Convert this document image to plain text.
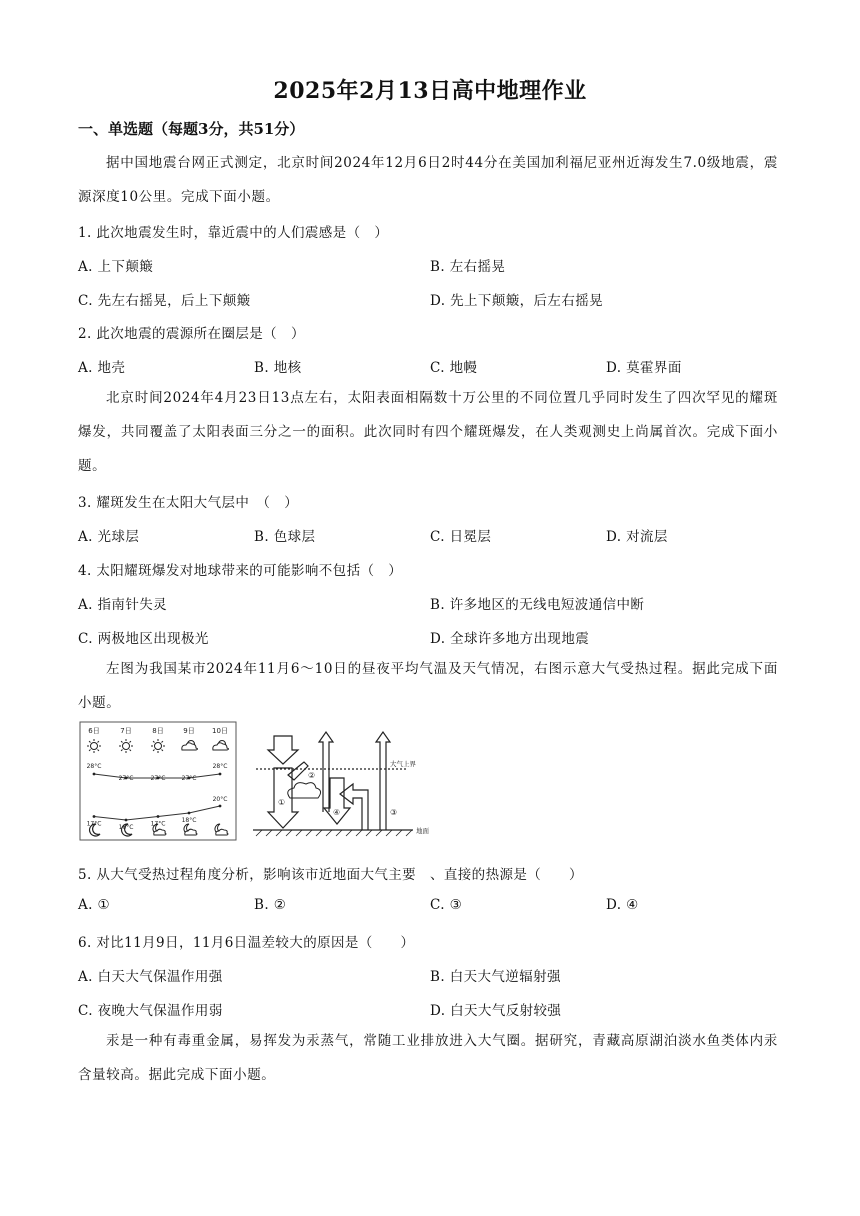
2025年2月13日高中地理作业
一、单选题（每题3分，共51分）
据中国地震台网正式测定，北京时间2024年12月6日2时44分在美国加利福尼亚州近海发生7.0级地震，震源深度10公里。完成下面小题。
1. 此次地震发生时，靠近震中的人们震感是（　）
A. 上下颠簸	B. 左右摇晃
C. 先左右摇晃，后上下颠簸	D. 先上下颠簸，后左右摇晃
2. 此次地震的震源所在圈层是（　）
A. 地壳	B. 地核	C. 地幔	D. 莫霍界面
北京时间2024年4月23日13点左右，太阳表面相隔数十万公里的不同位置几乎同时发生了四次罕见的耀斑爆发，共同覆盖了太阳表面三分之一的面积。此次同时有四个耀斑爆发，在人类观测史上尚属首次。完成下面小题。
3. 耀斑发生在太阳大气层中　（　）
A. 光球层	B. 色球层	C. 日冕层	D. 对流层
4. 太阳耀斑爆发对地球带来的可能影响不包括（　）
A. 指南针失灵	B. 许多地区的无线电短波通信中断
C. 两极地区出现极光	D. 全球许多地方出现地震
左图为我国某市2024年11月6～10日的昼夜平均气温及天气情况，右图示意大气受热过程。据此完成下面小题。
6日	7日	8日	9日 10日
28°C
27°C	27°C	27°C
28°C
17°C	16°C	17°C	18°C
20°C	①
②
③
④
大气上界
地面
5. 从大气受热过程角度分析，影响该市近地面大气主要　、直接的热源是（　　）
A. ①	B. ②	C. ③	D. ④
6. 对比11月9日，11月6日温差较大的原因是（　　）
A. 白天大气保温作用强	B. 白天大气逆辐射强
C. 夜晚大气保温作用弱	D. 白天大气反射较强
汞是一种有毒重金属，易挥发为汞蒸气，常随工业排放进入大气圈。据研究，青藏高原湖泊淡水鱼类体内汞含量较高。据此完成下面小题。
